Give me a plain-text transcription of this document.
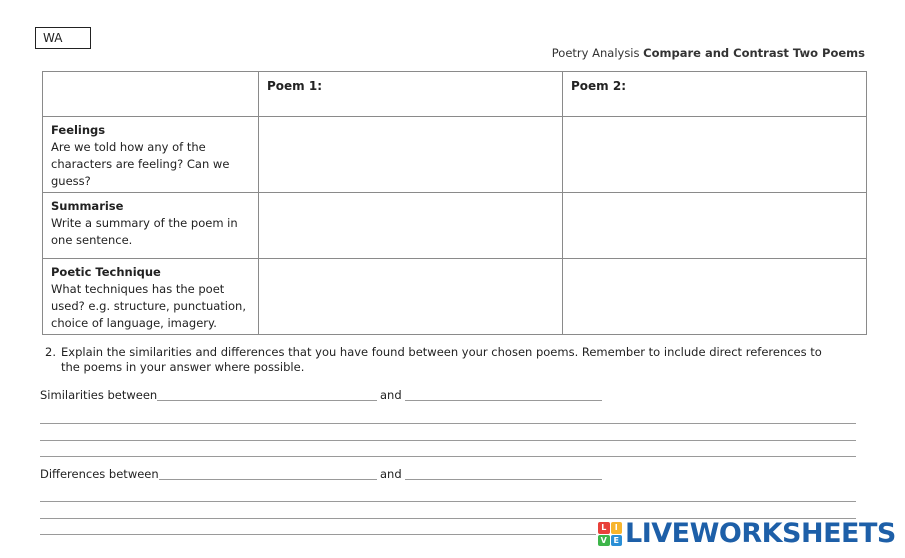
WA
Poetry Analysis Compare and Contrast Two Poems

	Poem 1:	Poem 2:

Feelings
Are we told how any of the characters are feeling? Can we guess?		

Summarise
Write a summary of the poem in one sentence.		

Poetic Technique
What techniques has the poet used? e.g. structure, punctuation, choice of language, imagery.		

2. Explain the similarities and differences that you have found between your chosen poems. Remember to include direct references to the poems in your answer where possible.
Similarities between	and
Differences between	and
L	I
V E LIVEWORKSHEETS
